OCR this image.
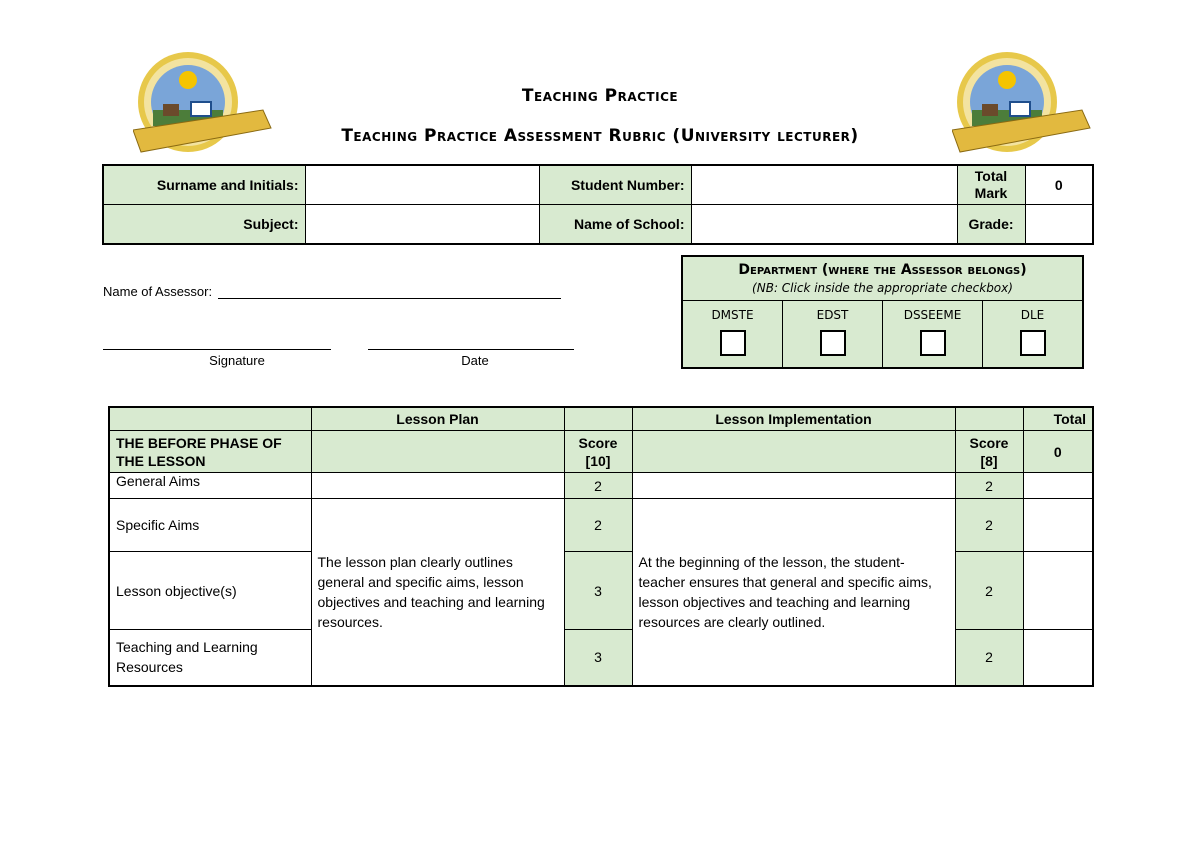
Teaching Practice
Teaching Practice Assessment Rubric (University lecturer)
Surname and Initials:		Student Number:		Total Mark	0
Subject:		Name of School:		Grade:	
Name of Assessor:
Signature	Date
Department (where the Assessor belongs)
(NB: Click inside the appropriate checkbox)
DMSTE	EDST	DSSEEME	DLE
	Lesson Plan		Lesson Implementation		Total
THE BEFORE PHASE OF THE LESSON		Score [10]		Score [8]	0
General Aims		2		2	
Specific Aims	The lesson plan clearly outlines general and specific aims, lesson objectives and teaching and learning resources.	2	At the beginning of the lesson, the student-teacher ensures that general and specific aims, lesson objectives and teaching and learning resources are clearly outlined.	2	
Lesson objective(s)		3		2	
Teaching and Learning Resources		3		2	
